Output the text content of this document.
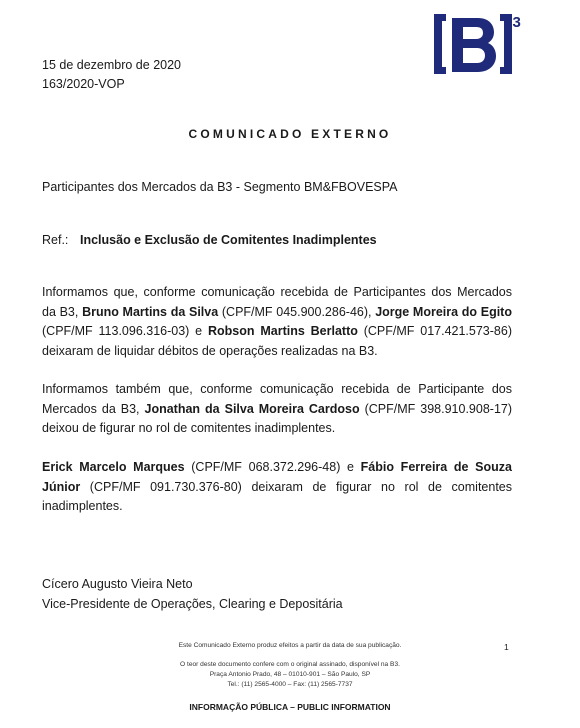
3
15 de dezembro de 2020
163/2020-VOP
COMUNICADO EXTERNO
Participantes dos Mercados da B3 - Segmento BM&FBOVESPA
Ref.: Inclusão e Exclusão de Comitentes Inadimplentes
Informamos que, conforme comunicação recebida de Participantes dos Mercados da B3, Bruno Martins da Silva (CPF/MF 045.900.286-46), Jorge Moreira do Egito (CPF/MF 113.096.316-03) e Robson Martins Berlatto (CPF/MF 017.421.573-86) deixaram de liquidar débitos de operações realizadas na B3.
Informamos também que, conforme comunicação recebida de Participante dos Mercados da B3, Jonathan da Silva Moreira Cardoso (CPF/MF 398.910.908-17) deixou de figurar no rol de comitentes inadimplentes.
Erick Marcelo Marques (CPF/MF 068.372.296-48) e Fábio Ferreira de Souza Júnior (CPF/MF 091.730.376-80) deixaram de figurar no rol de comitentes inadimplentes.
Cícero Augusto Vieira Neto
Vice-Presidente de Operações, Clearing e Depositária
Este Comunicado Externo produz efeitos a partir da data de sua publicação.	1
O teor deste documento confere com o original assinado, disponível na B3.
Praça Antonio Prado, 48 – 01010-901 – São Paulo, SP
Tel.: (11) 2565-4000 – Fax: (11) 2565-7737
INFORMAÇÃO PÚBLICA – PUBLIC INFORMATION
